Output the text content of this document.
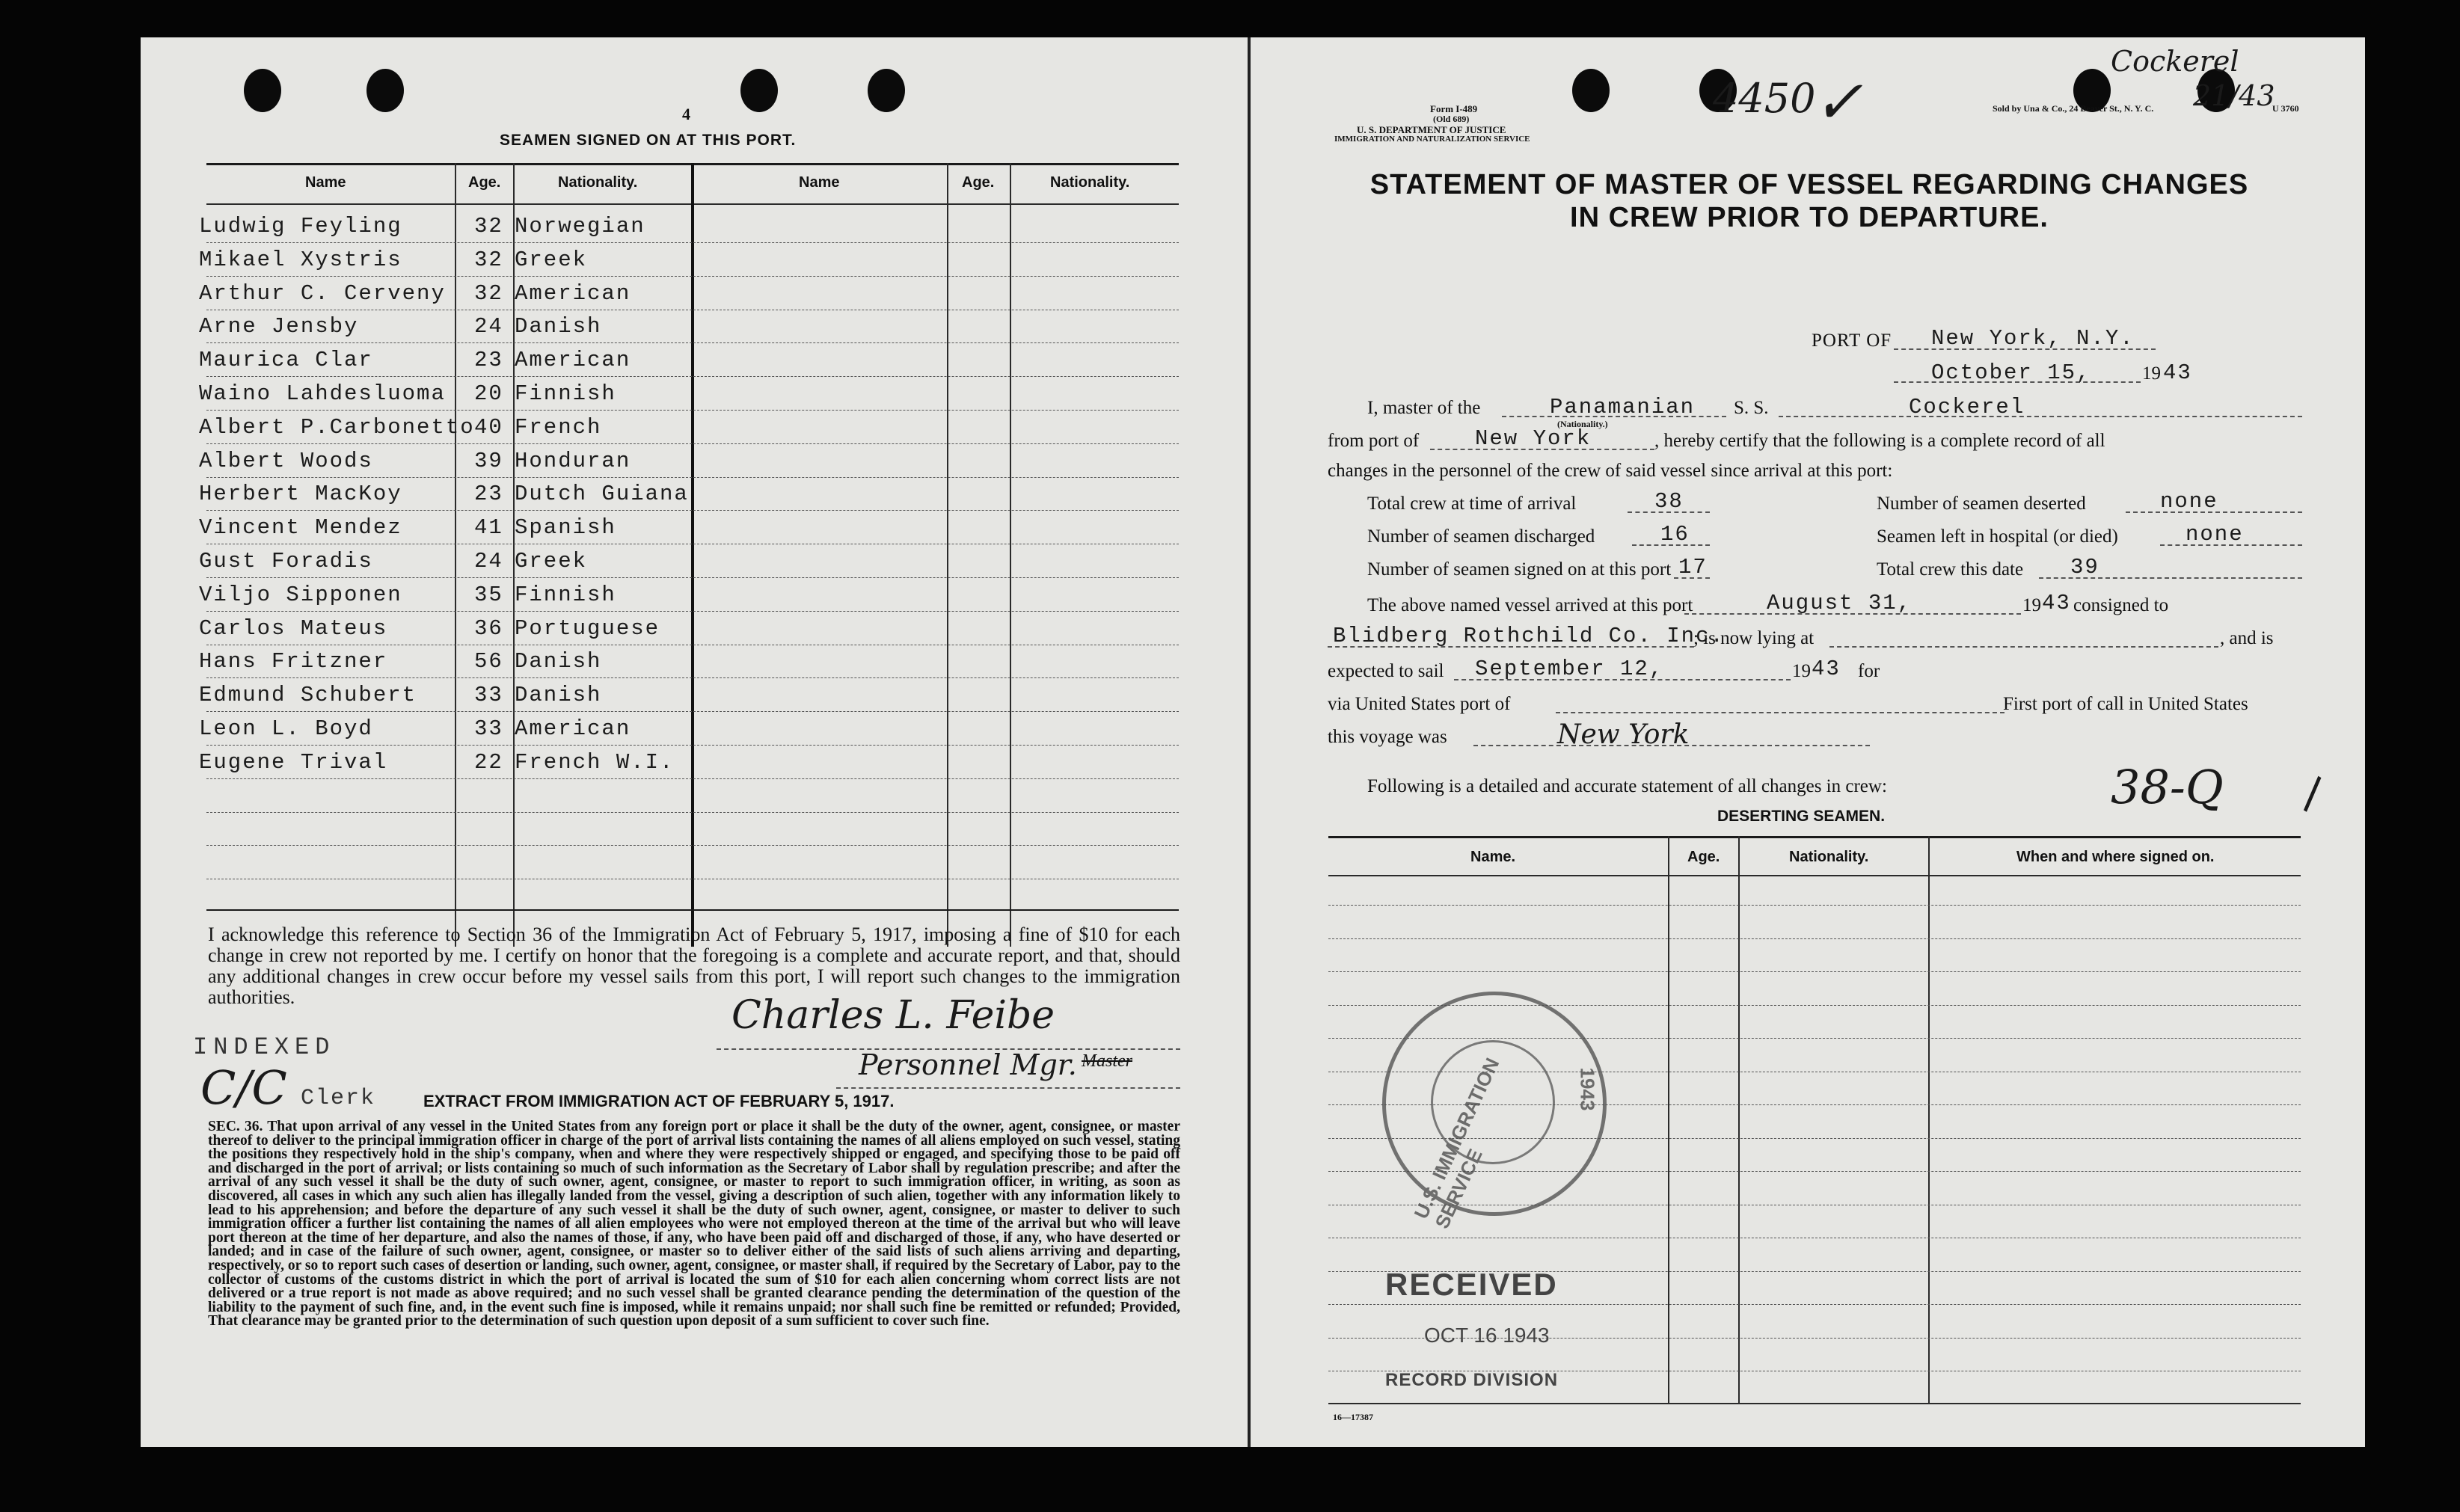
4
SEAMEN SIGNED ON AT THIS PORT.
Name	Age.	Nationality.	Name	Age.	Nationality.
Ludwig Feyling	32 Norwegian
Mikael Xystris	32 Greek
Arthur C. Cerveny 32 American
Arne Jensby	24 Danish
Maurica Clar	23 American
Waino Lahdesluoma 20 Finnish
Albert P.Carbonetto 40 French
Albert Woods	39 Honduran
Herbert MacKoy	23 Dutch Guiana
Vincent Mendez	41 Spanish
Gust Foradis	24 Greek
Viljo Sipponen	35 Finnish
Carlos Mateus	36 Portuguese
Hans Fritzner	56 Danish
Edmund Schubert	33 Danish
Leon L. Boyd	33 American
Eugene Trival	22 French W.I.
I acknowledge this reference to Section 36 of the Immigration Act of February 5, 1917, imposing a fine of $10 for each change in crew not reported by me. I certify on honor that the foregoing is a complete and accurate report, and that, should any additional changes in crew occur before my vessel sails from this port, I will report such changes to the immigration authorities.	Charles L. Feibe
Personnel Mgr. Master
INDEXED
C/C Clerk	EXTRACT FROM IMMIGRATION ACT OF FEBRUARY 5, 1917.
SEC. 36. That upon arrival of any vessel in the United States from any foreign port or place it shall be the duty of the owner, agent, consignee, or master thereof to deliver to the principal immigration officer in charge of the port of arrival lists containing the names of all aliens employed on such vessel, stating the positions they respectively hold in the ship's company, when and where they were respectively shipped or engaged, and specifying those to be paid off and discharged in the port of arrival; or lists containing so much of such information as the Secretary of Labor shall by regulation prescribe; and after the arrival of any such vessel it shall be the duty of such owner, agent, consignee, or master to report to such immigration officer, in writing, as soon as discovered, all cases in which any such alien has illegally landed from the vessel, giving a description of such alien, together with any information likely to lead to his apprehension; and before the departure of any such vessel it shall be the duty of such owner, agent, consignee, or master to deliver to such immigration officer a further list containing the names of all alien employees who were not employed thereon at the time of the arrival but who will leave port thereon at the time of her departure, and also the names of those, if any, who have been paid off and discharged of those, if any, who have deserted or landed; and in case of the failure of such owner, agent, consignee, or master so to deliver either of the said lists of such aliens arriving and departing, respectively, or so to report such cases of desertion or landing, such owner, agent, consignee, or master shall, if required by the Secretary of Labor, pay to the collector of customs of the customs district in which the port of arrival is located the sum of $10 for each alien concerning whom correct lists are not delivered or a true report is not made as above required; and no such vessel shall be granted clearance pending the determination of the question of the liability to the payment of such fine, and, in the event such fine is imposed, while it remains unpaid; nor shall such fine be remitted or refunded; Provided, That clearance may be granted prior to the determination of such question upon deposit of a sum sufficient to cover such fine.
Form I-489
(Old 689)
U. S. DEPARTMENT OF JUSTICE
IMMIGRATION AND NATURALIZATION SERVICE
4450
✓
Cockerel
21/43
Sold by Una & Co., 24 Beaver St., N. Y. C.	U 3760
STATEMENT OF MASTER OF VESSEL REGARDING CHANGES
IN CREW PRIOR TO DEPARTURE.
PORT OF New York, N.Y.
October 15,	19 43
I, master of the	Panamanian
(Nationality.)
S. S.	Cockerel
from port of	New York	, hereby certify that the following is a complete record of all
changes in the personnel of the crew of said vessel since arrival at this port:
Total crew at time of arrival	38	Number of seamen deserted	none
Number of seamen discharged	16	Seamen left in hospital (or died)	none
Number of seamen signed on at this port 17	Total crew this date 39
The above named vessel arrived at this port	August 31,	19 43 consigned to
Blidberg Rothchild Co. Inc.
; is now lying at	, and is
expected to sail September 12,	19 43 for
via United States port of	First port of call in United States
this voyage was	New York
Following is a detailed and accurate statement of all changes in crew:	38-Q \
DESERTING SEAMEN.
Name.	Age.	Nationality.	When and where signed on.
U.S. IMMIGRATION SERVICE
1943
RECEIVED
OCT 16 1943
RECORD DIVISION
16—17387
